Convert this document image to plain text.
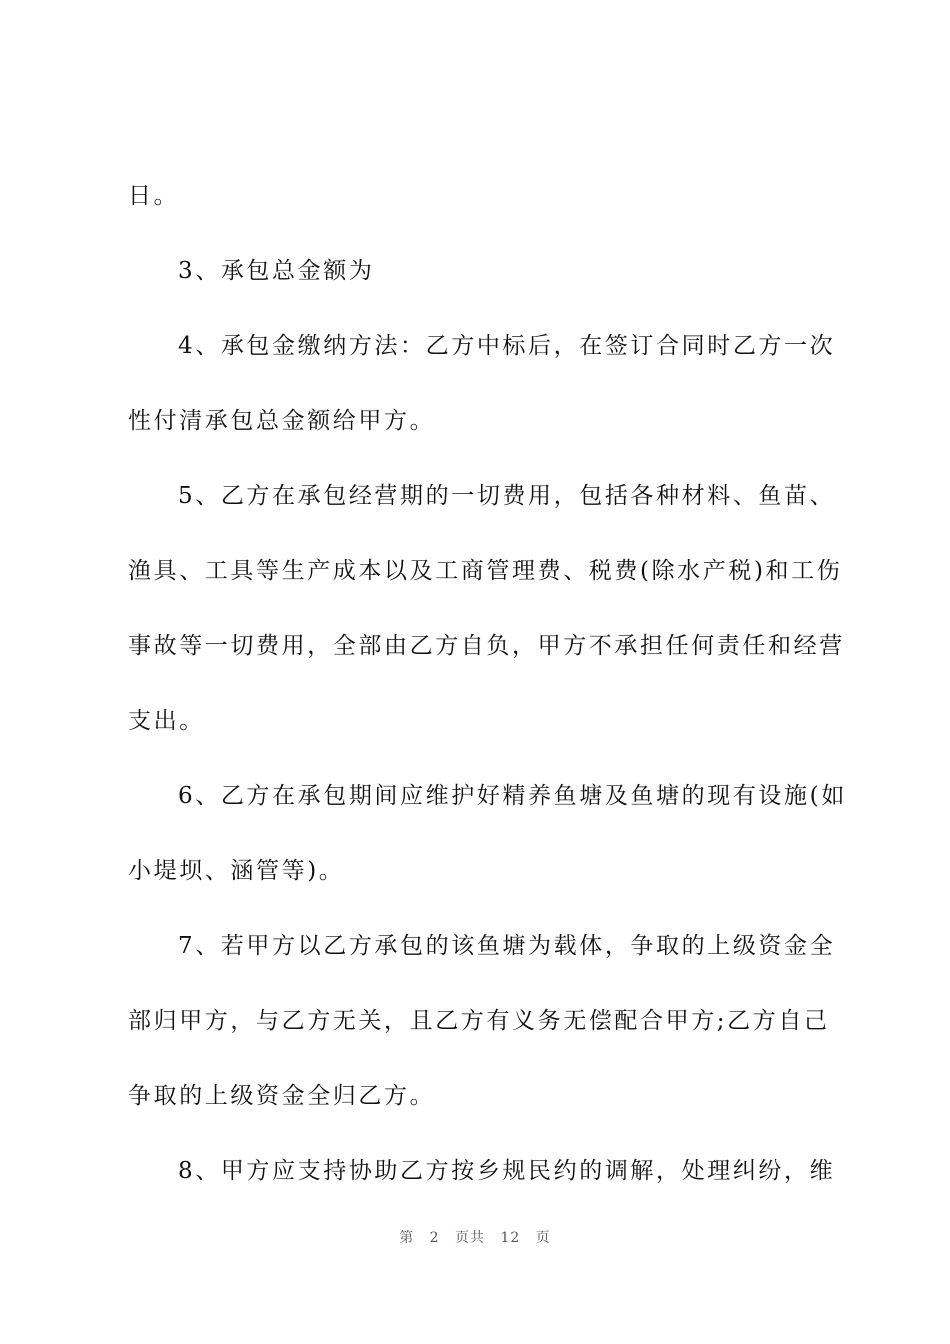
日。
3、承包总金额为
4、承包金缴纳方法：乙方中标后，在签订合同时乙方一次
性付清承包总金额给甲方。
5、乙方在承包经营期的一切费用，包括各种材料、鱼苗、
渔具、工具等生产成本以及工商管理费、税费(除水产税)和工伤
事故等一切费用，全部由乙方自负，甲方不承担任何责任和经营
支出。
6、乙方在承包期间应维护好精养鱼塘及鱼塘的现有设施(如
小堤坝、涵管等)。
7、若甲方以乙方承包的该鱼塘为载体，争取的上级资金全
部归甲方，与乙方无关，且乙方有义务无偿配合甲方;乙方自己
争取的上级资金全归乙方。
8、甲方应支持协助乙方按乡规民约的调解，处理纠纷，维
第 2 页共 12 页
